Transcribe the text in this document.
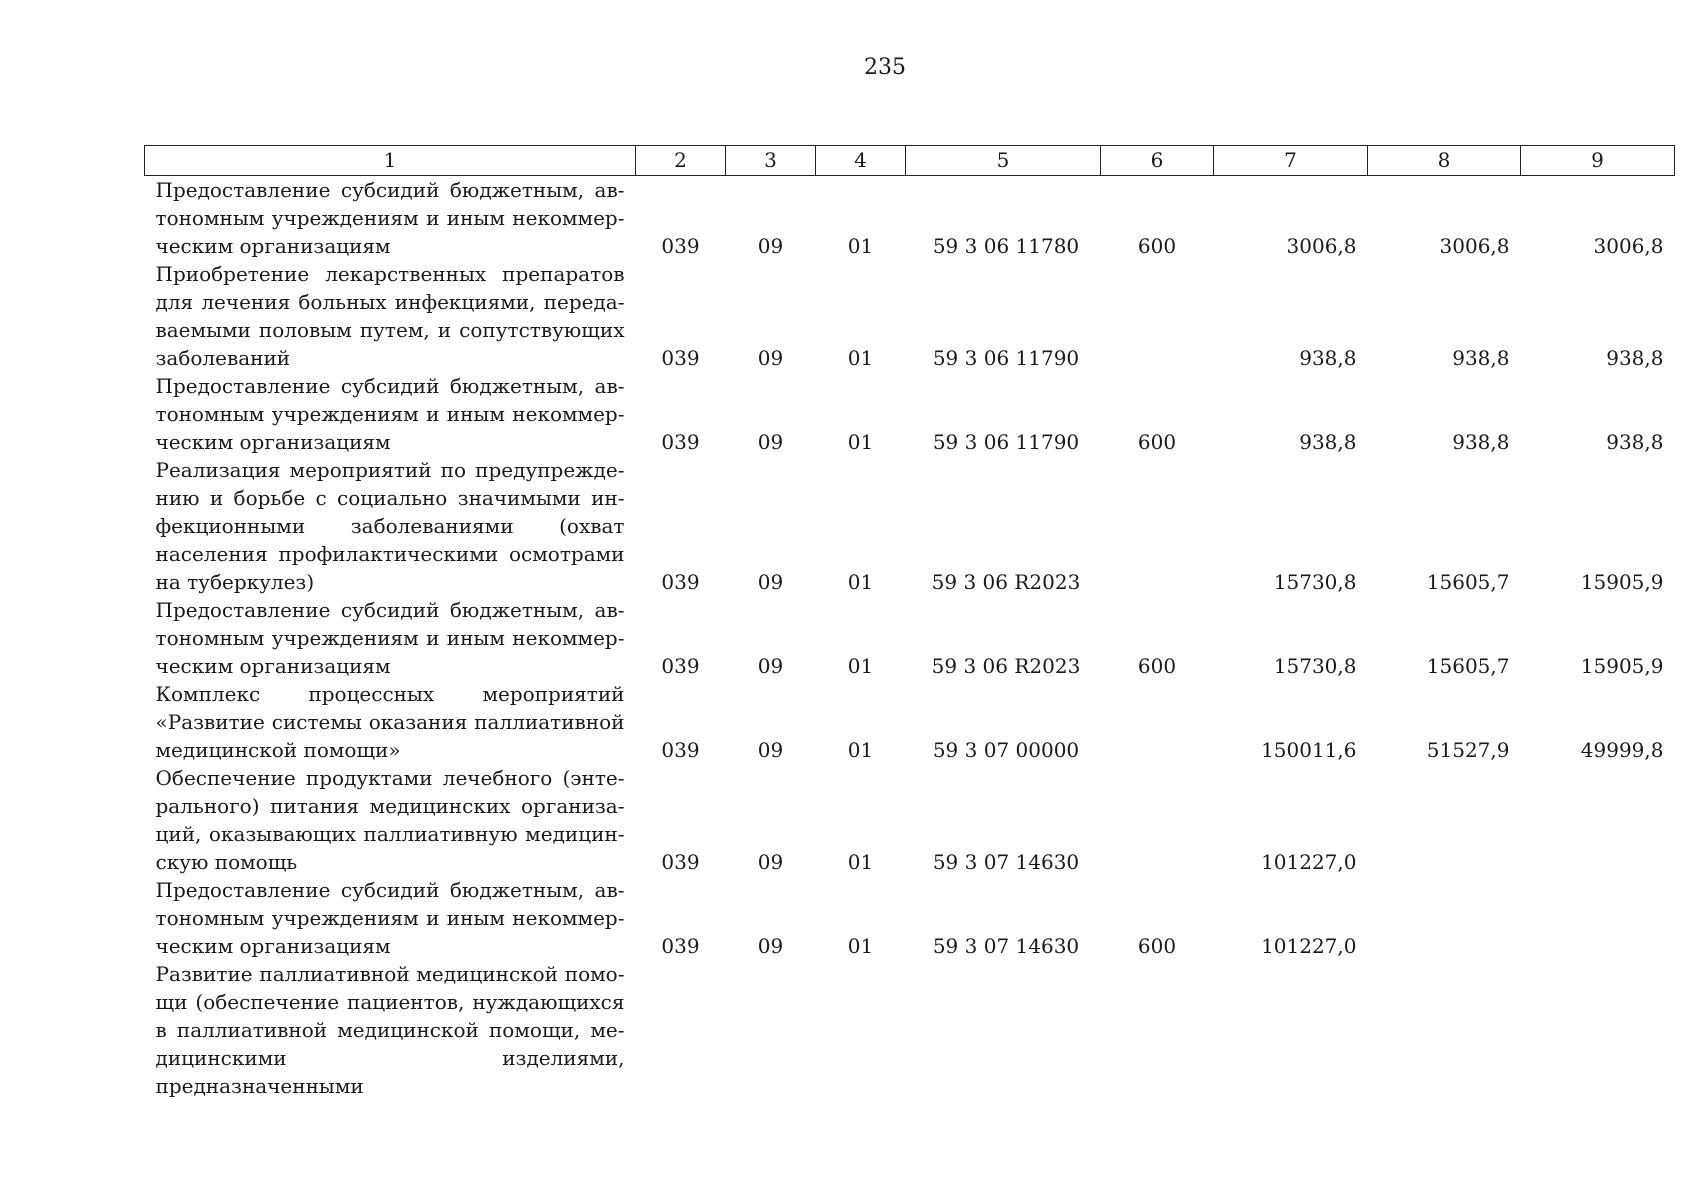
235
1	2	3	4	5	6	7	8	9
Предоставление субсидий бюджетным, автономным учреждениям и иным некоммерческим организациям	039	09	01	59 3 06 11780	600	3006,8	3006,8	3006,8
Приобретение лекарственных препаратов для лечения больных инфекциями, передаваемыми половым путем, и сопутствующих заболеваний	039	09	01	59 3 06 11790		938,8	938,8	938,8
Предоставление субсидий бюджетным, автономным учреждениям и иным некоммерческим организациям	039	09	01	59 3 06 11790	600	938,8	938,8	938,8
Реализация мероприятий по предупреждению и борьбе с социально значимыми инфекционными заболеваниями (охват населения профилактическими осмотрами на туберкулез)	039	09	01	59 3 06 R2023		15730,8	15605,7	15905,9
Предоставление субсидий бюджетным, автономным учреждениям и иным некоммерческим организациям	039	09	01	59 3 06 R2023	600	15730,8	15605,7	15905,9
Комплекс процессных мероприятий «Развитие системы оказания паллиативной медицинской помощи»	039	09	01	59 3 07 00000		150011,6	51527,9	49999,8
Обеспечение продуктами лечебного (энтерального) питания медицинских организаций, оказывающих паллиативную медицинскую помощь	039	09	01	59 3 07 14630		101227,0		
Предоставление субсидий бюджетным, автономным учреждениям и иным некоммерческим организациям	039	09	01	59 3 07 14630	600	101227,0		
Развитие паллиативной медицинской помощи (обеспечение пациентов, нуждающихся в паллиативной медицинской помощи, медицинскими изделиями, предназначенными								
